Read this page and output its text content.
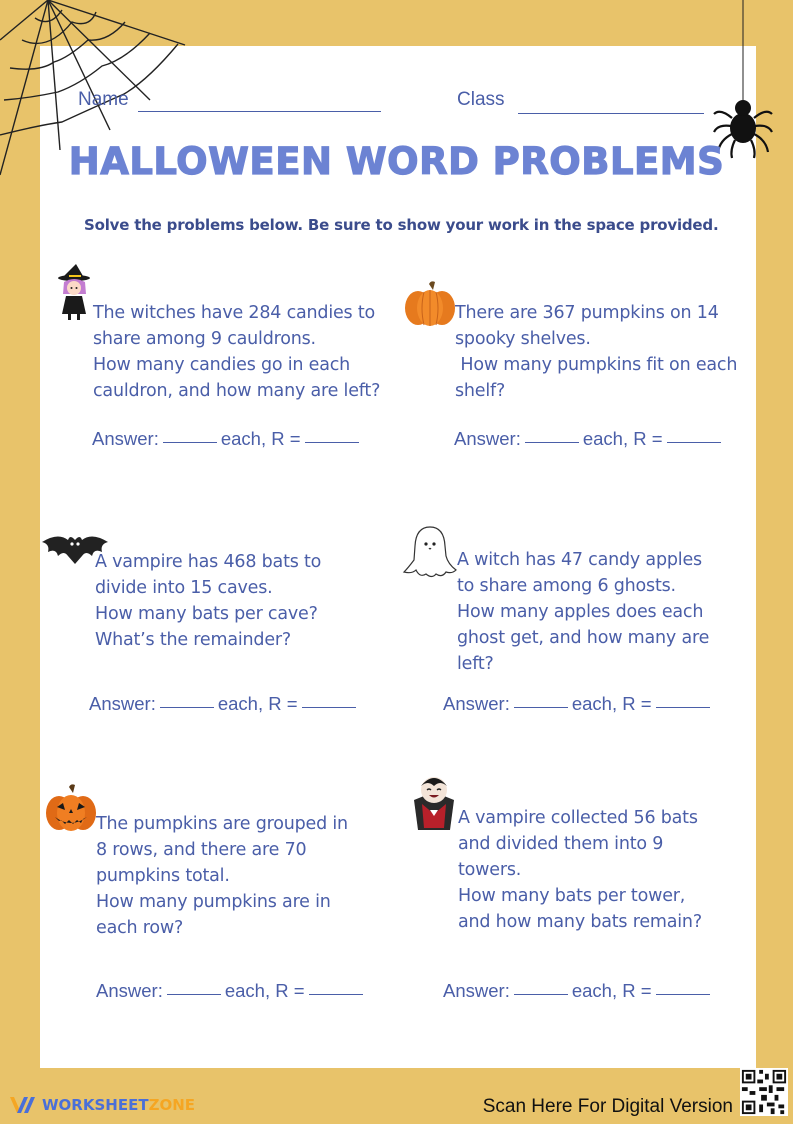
Name	Class
HALLOWEEN WORD PROBLEMS
Solve the problems below. Be sure to show your work in the space provided.
The witches have 284 candies to
share among 9 cauldrons.
How many candies go in each
cauldron, and how many are left?
Answer:	each, R =
There are 367 pumpkins on 14
spooky shelves.
How many pumpkins fit on each
shelf?
Answer:	each, R =
A vampire has 468 bats to
divide into 15 caves.
How many bats per cave?
What’s the remainder?
Answer:	each, R =
A witch has 47 candy apples
to share among 6 ghosts.
How many apples does each
ghost get, and how many are
left?
Answer:	each, R =
The pumpkins are grouped in
8 rows, and there are 70
pumpkins total.
How many pumpkins are in
each row?
Answer:	each, R =
A vampire collected 56 bats
and divided them into 9
towers.
How many bats per tower,
and how many bats remain?
Answer:	each, R =
WORKSHEETZONE	Scan Here For Digital Version
